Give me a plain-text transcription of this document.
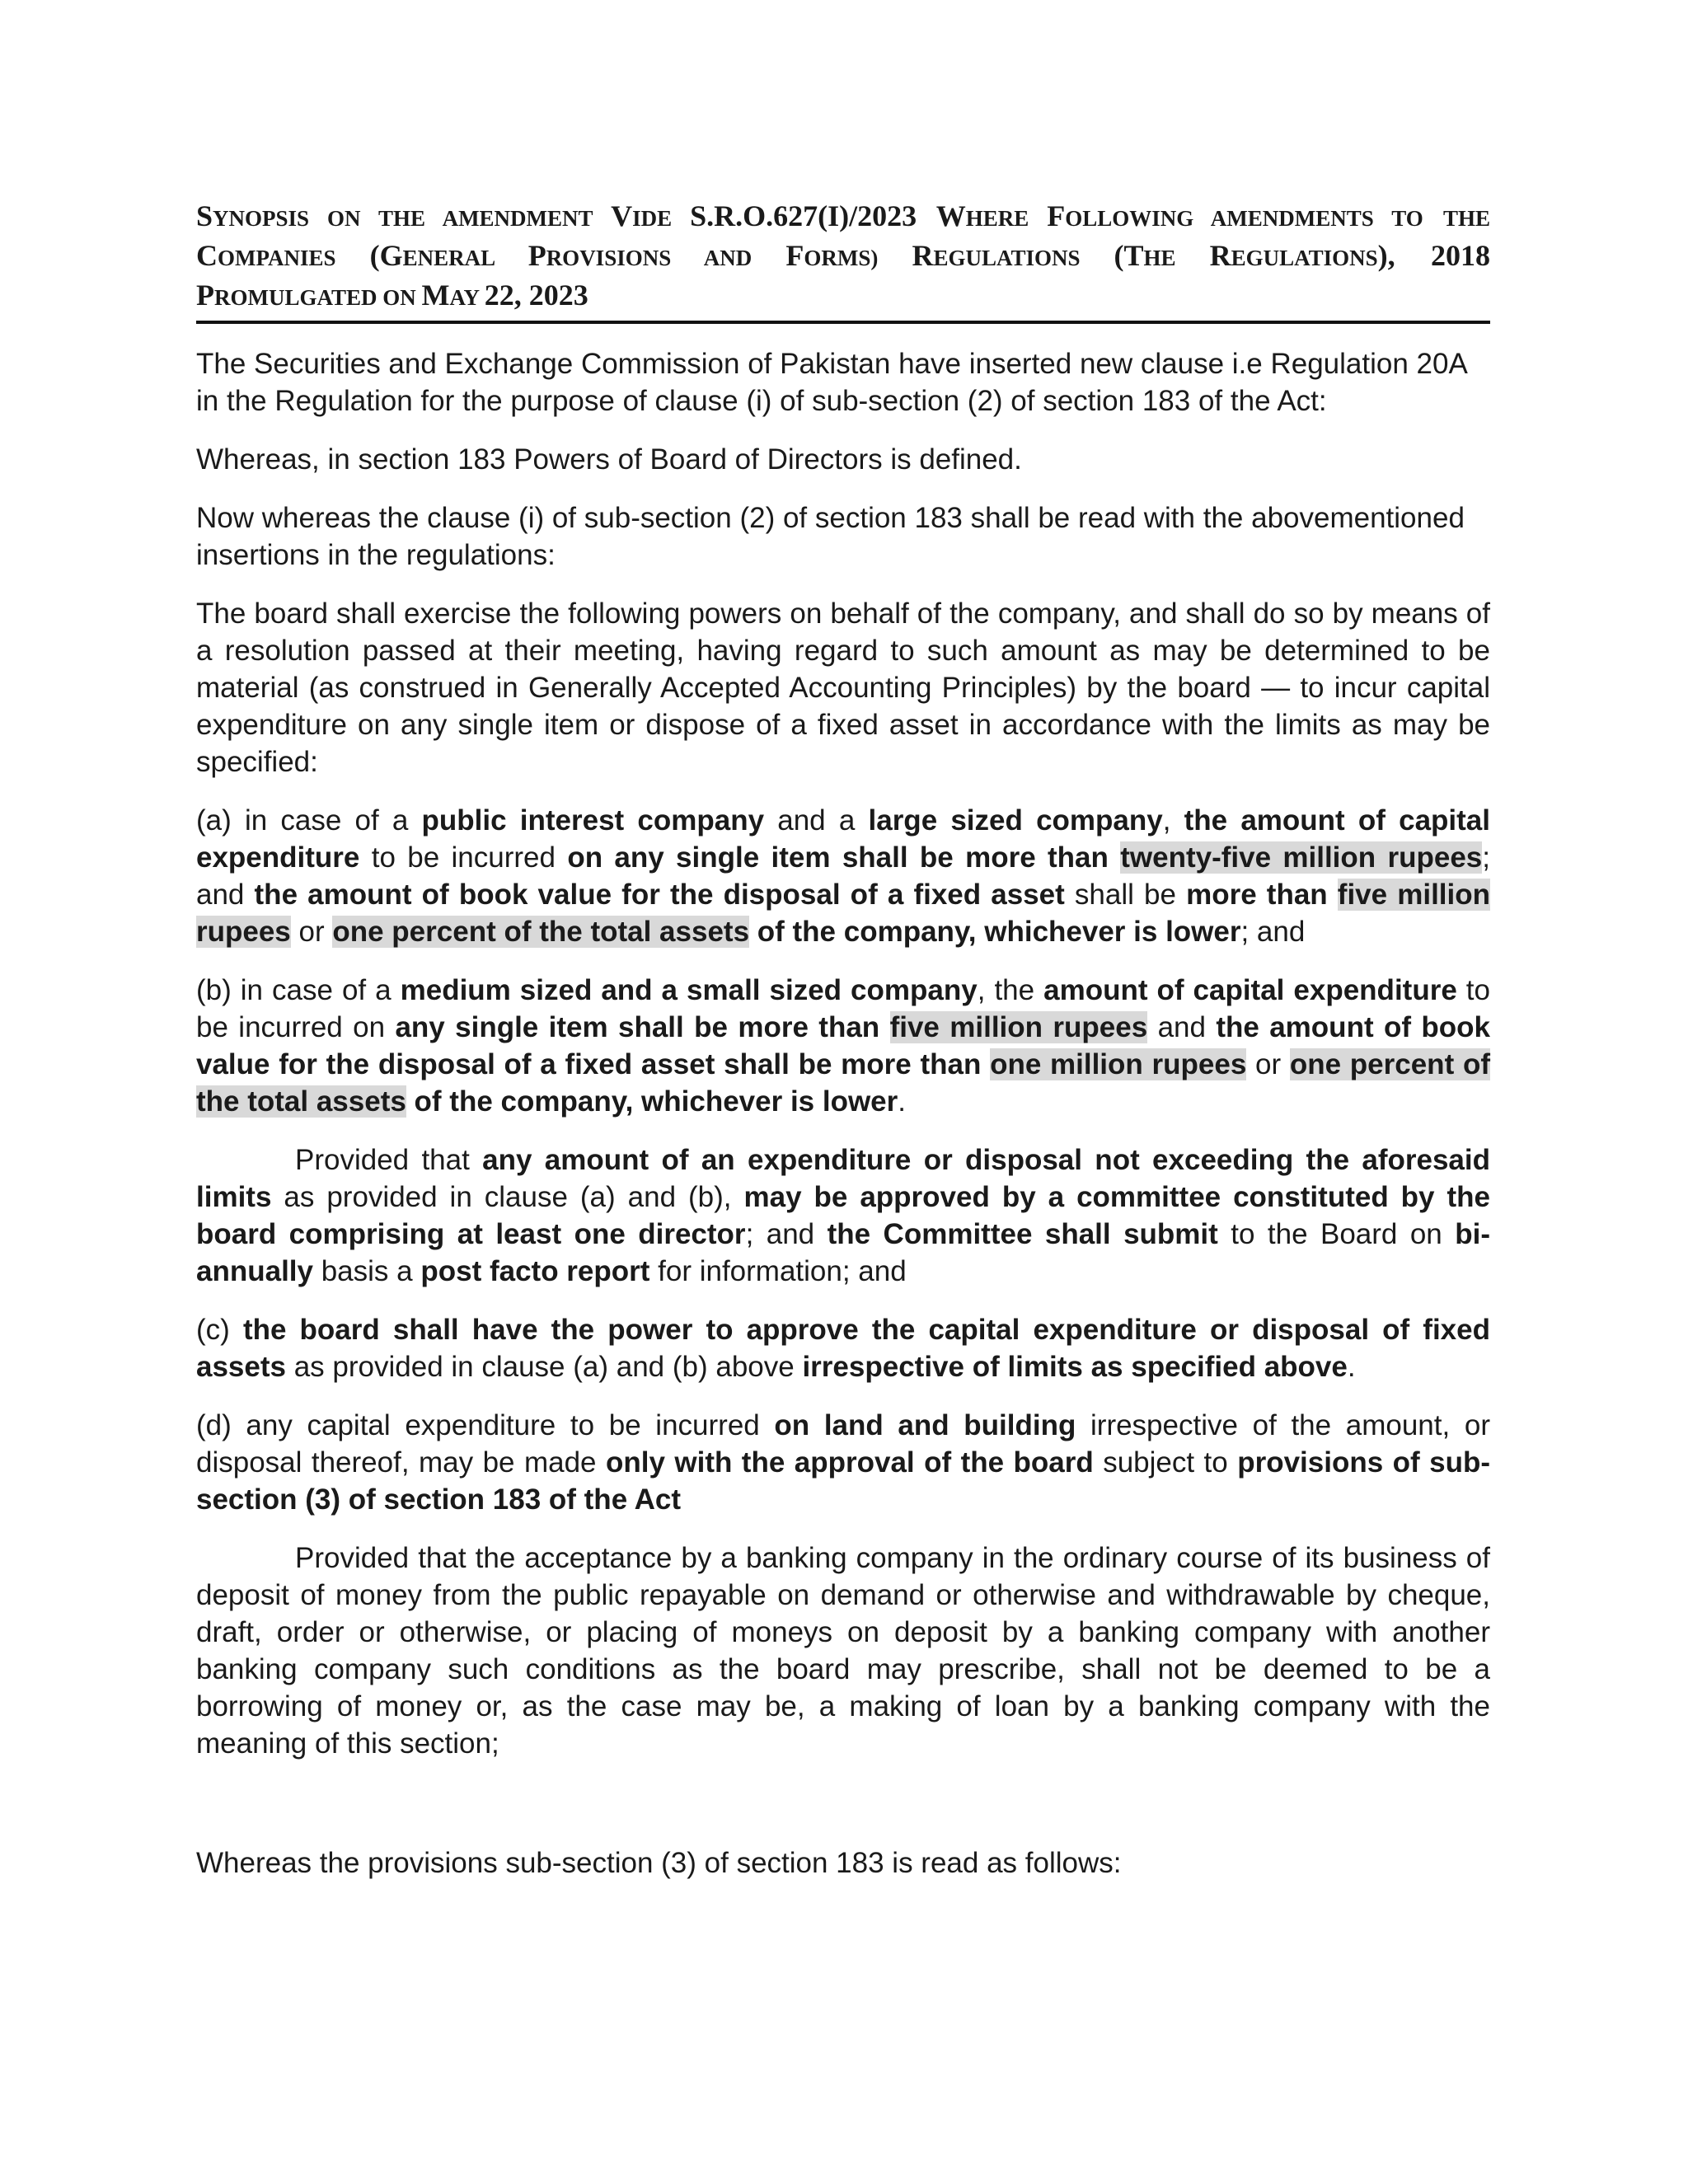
SYNOPSIS ON THE AMENDMENT VIDE S.R.O.627(I)/2023 WHERE FOLLOWING AMENDMENTS TO THE COMPANIES (GENERAL PROVISIONS AND FORMS) REGULATIONS (THE REGULATIONS), 2018
PROMULGATED ON MAY 22, 2023

The Securities and Exchange Commission of Pakistan have inserted new clause i.e Regulation 20A in the Regulation for the purpose of clause (i) of sub-section (2) of section 183 of the Act:

Whereas, in section 183 Powers of Board of Directors is defined.

Now whereas the clause (i) of sub-section (2) of section 183 shall be read with the abovementioned insertions in the regulations:

The board shall exercise the following powers on behalf of the company, and shall do so by means of a resolution passed at their meeting, having regard to such amount as may be determined to be material (as construed in Generally Accepted Accounting Principles) by the board — to incur capital expenditure on any single item or dispose of a fixed asset in accordance with the limits as may be specified:

(a) in case of a public interest company and a large sized company, the amount of capital expenditure to be incurred on any single item shall be more than twenty-five million rupees; and the amount of book value for the disposal of a fixed asset shall be more than five million rupees or one percent of the total assets of the company, whichever is lower; and

(b) in case of a medium sized and a small sized company, the amount of capital expenditure to be incurred on any single item shall be more than five million rupees and the amount of book value for the disposal of a fixed asset shall be more than one million rupees or one percent of the total assets of the company, whichever is lower.

Provided that any amount of an expenditure or disposal not exceeding the aforesaid limits as provided in clause (a) and (b), may be approved by a committee constituted by the board comprising at least one director; and the Committee shall submit to the Board on bi-annually basis a post facto report for information; and

(c) the board shall have the power to approve the capital expenditure or disposal of fixed assets as provided in clause (a) and (b) above irrespective of limits as specified above.

(d) any capital expenditure to be incurred on land and building irrespective of the amount, or disposal thereof, may be made only with the approval of the board subject to provisions of sub-section (3) of section 183 of the Act

Provided that the acceptance by a banking company in the ordinary course of its business of deposit of money from the public repayable on demand or otherwise and withdrawable by cheque, draft, order or otherwise, or placing of moneys on deposit by a banking company with another banking company such conditions as the board may prescribe, shall not be deemed to be a borrowing of money or, as the case may be, a making of loan by a banking company with the meaning of this section;

Whereas the provisions sub-section (3) of section 183 is read as follows:
